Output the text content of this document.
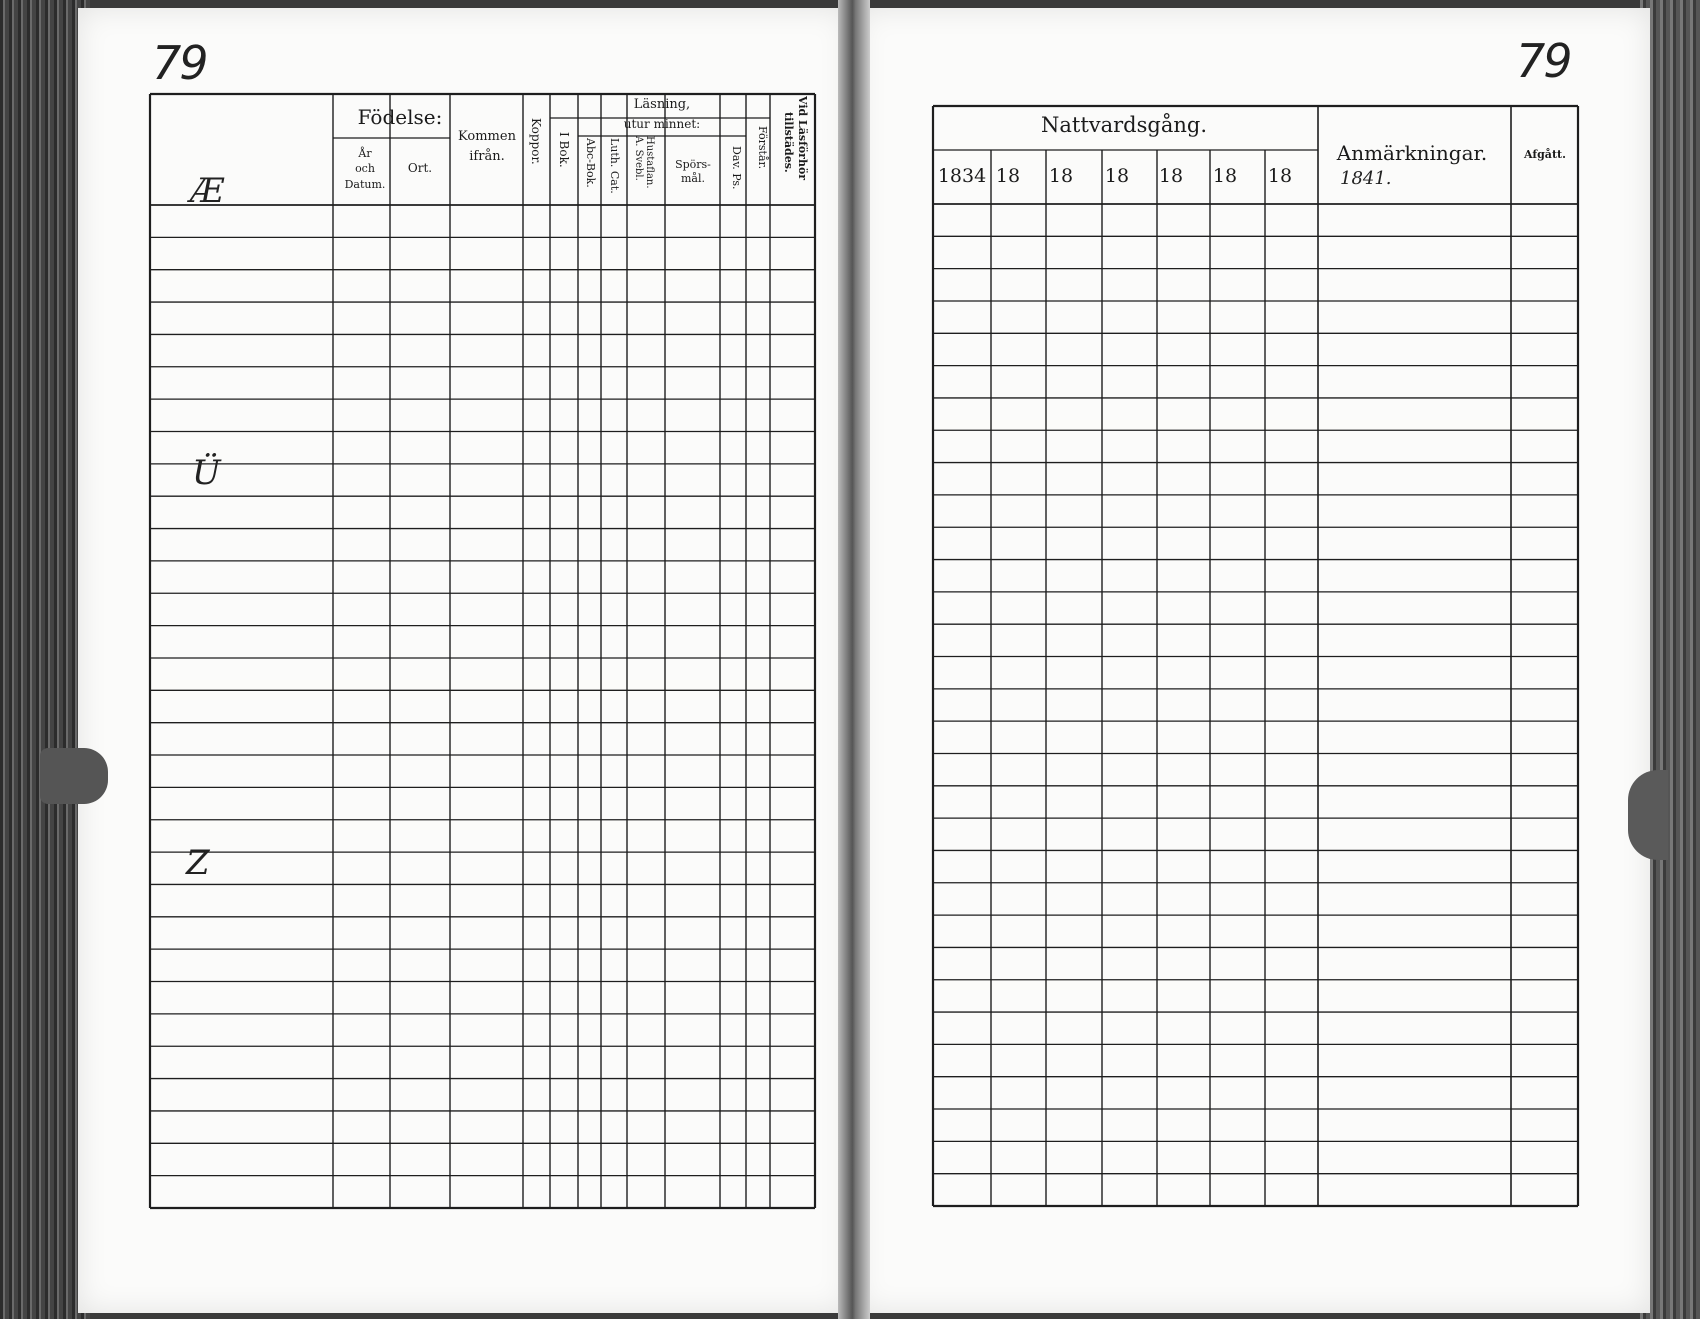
79	79
Födelse:
År
och
Datum.
Ort.
Kommen
ifrån. Koppor.
Läsning,
utur minnet:
I Bok. Abc-Bok. Luth. Cat. A. Svebl. Hustaflan. Spörs-
mål. Dav. Ps. Förstår. Vid Läsförhör
tillstädes.
Æ
Ü
Z
Nattvardsgång.
1834 18 18 18 18 18 18
Anmärkningar.	Afgått.
1841.
